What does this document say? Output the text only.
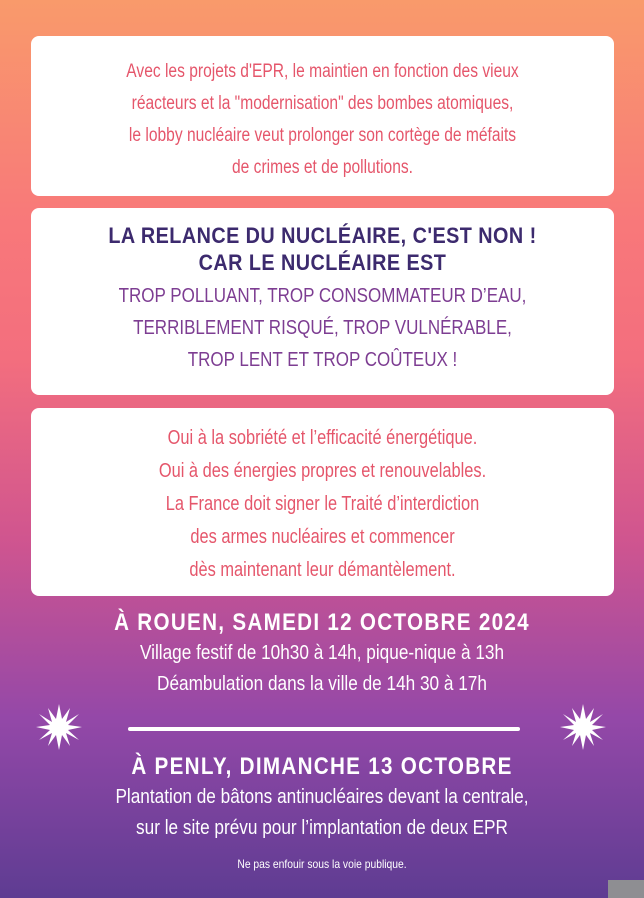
Avec les projets d'EPR, le maintien en fonction des vieux
réacteurs et la "modernisation" des bombes atomiques,
le lobby nucléaire veut prolonger son cortège de méfaits
de crimes et de pollutions.
LA RELANCE DU NUCLÉAIRE, C'EST NON !
CAR LE NUCLÉAIRE EST
TROP POLLUANT, TROP CONSOMMATEUR D’EAU,
TERRIBLEMENT RISQUÉ, TROP VULNÉRABLE,
TROP LENT ET TROP COÛTEUX !
Oui à la sobriété et l’efficacité énergétique.
Oui à des énergies propres et renouvelables.
La France doit signer le Traité d’interdiction
des armes nucléaires et commencer
dès maintenant leur démantèlement.
À ROUEN, SAMEDI 12 OCTOBRE 2024
Village festif de 10h30 à 14h, pique-nique à 13h
Déambulation dans la ville de 14h 30 à 17h
À PENLY, DIMANCHE 13 OCTOBRE
Plantation de bâtons antinucléaires devant la centrale,
sur le site prévu pour l’implantation de deux EPR
Ne pas enfouir sous la voie publique.
